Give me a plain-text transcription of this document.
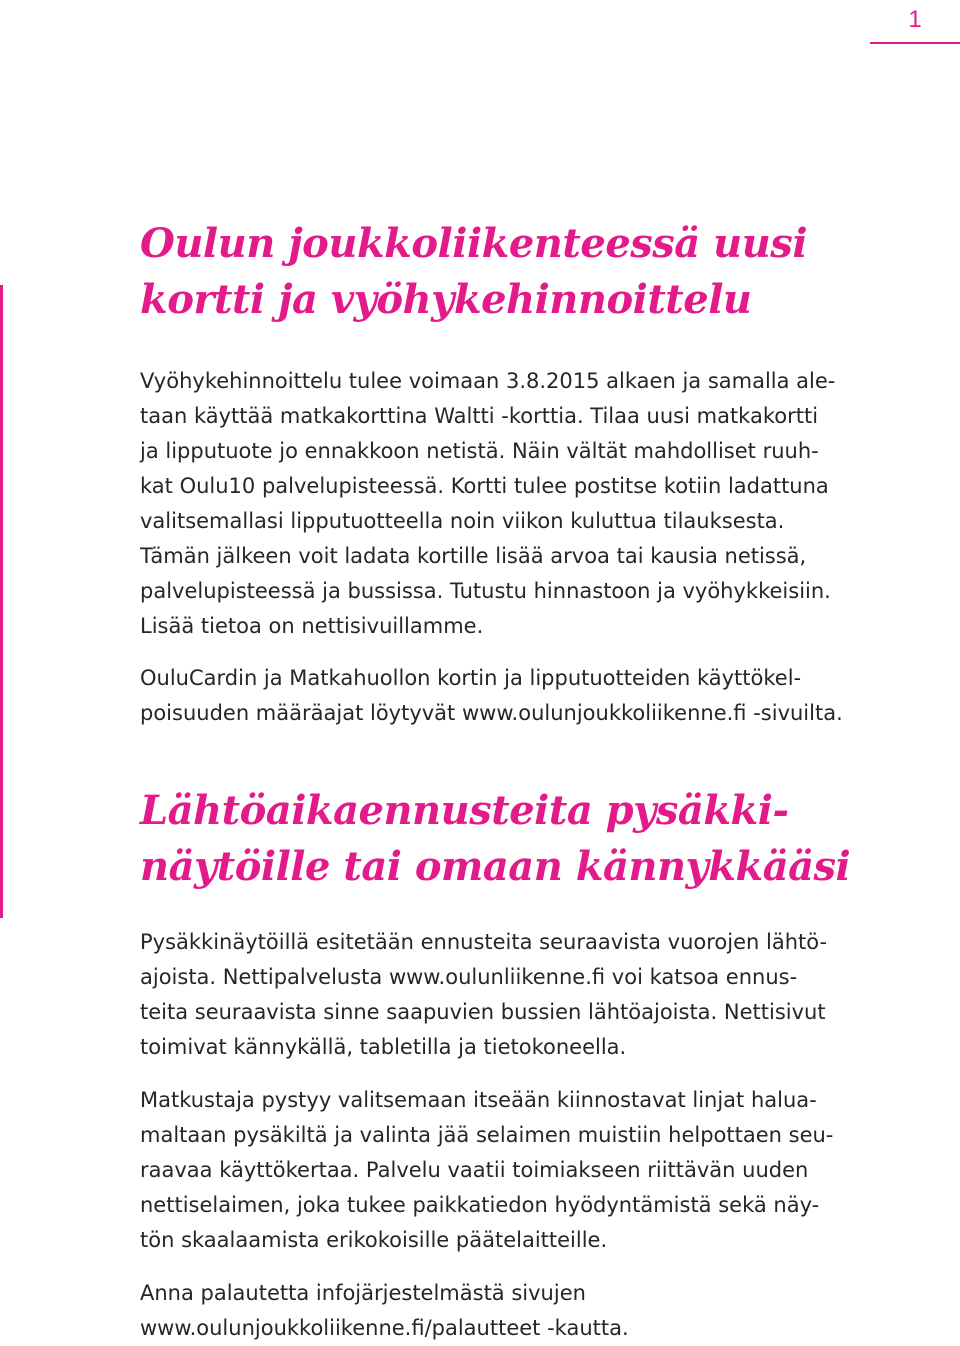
1
Oulun joukkoliikenteessä uusi
kortti ja vyöhykehinnoittelu

Vyöhykehinnoittelu tulee voimaan 3.8.2015 alkaen ja samalla ale-
taan käyttää matkakorttina Waltti -korttia. Tilaa uusi matkakortti
ja lipputuote jo ennakkoon netistä. Näin vältät mahdolliset ruuh-
kat Oulu10 palvelupisteessä. Kortti tulee postitse kotiin ladattuna
valitsemallasi lipputuotteella noin viikon kuluttua tilauksesta.
Tämän jälkeen voit ladata kortille lisää arvoa tai kausia netissä,
palvelupisteessä ja bussissa. Tutustu hinnastoon ja vyöhykkeisiin.
Lisää tietoa on nettisivuillamme.

OuluCardin ja Matkahuollon kortin ja lipputuotteiden käyttökel-
poisuuden määräajat löytyvät www.oulunjoukkoliikenne.fi -sivuilta.

Lähtöaikaennusteita pysäkki-
näytöille tai omaan kännykkääsi

Pysäkkinäytöillä esitetään ennusteita seuraavista vuorojen lähtö-
ajoista. Nettipalvelusta www.oulunliikenne.fi voi katsoa ennus-
teita seuraavista sinne saapuvien bussien lähtöajoista. Nettisivut
toimivat kännykällä, tabletilla ja tietokoneella.

Matkustaja pystyy valitsemaan itseään kiinnostavat linjat halua-
maltaan pysäkiltä ja valinta jää selaimen muistiin helpottaen seu-
raavaa käyttökertaa. Palvelu vaatii toimiakseen riittävän uuden
nettiselaimen, joka tukee paikkatiedon hyödyntämistä sekä näy-
tön skaalaamista erikokoisille päätelaitteille.

Anna palautetta infojärjestelmästä sivujen
www.oulunjoukkoliikenne.fi/palautteet -kautta.
